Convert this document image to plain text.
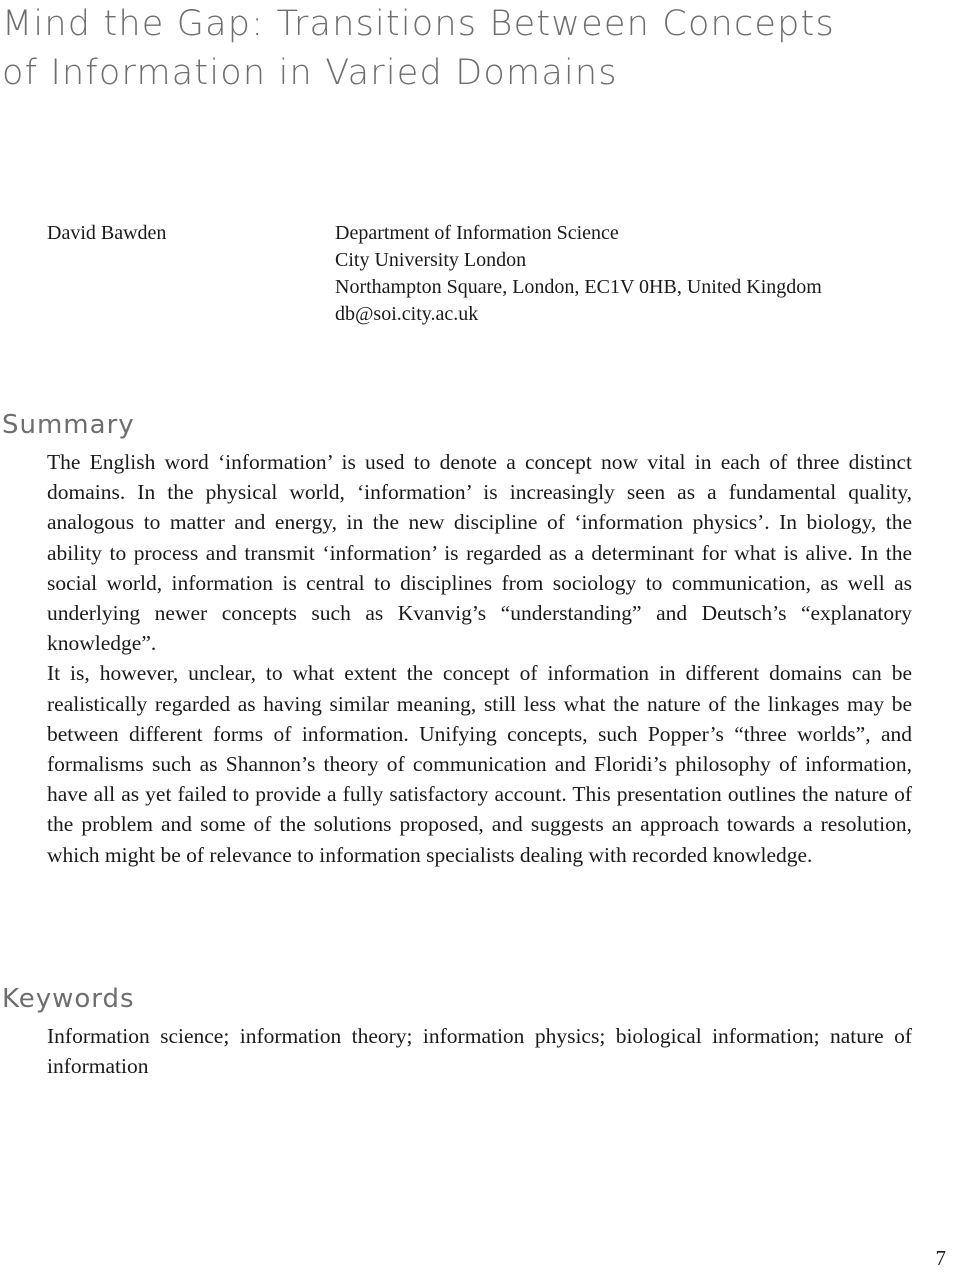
Mind the Gap: Transitions Between Concepts
of Information in Varied Domains
David Bawden	Department of Information Science
City University London
Northampton Square, London, EC1V 0HB, United Kingdom
db@soi.city.ac.uk
Summary

The English word ‘information’ is used to denote a concept now vital in each of three distinct domains. In the physical world, ‘information’ is increasingly seen as a fundamental quality, analogous to matter and energy, in the new discipline of ‘information physics’. In biology, the ability to process and transmit ‘information’ is regarded as a determinant for what is alive. In the social world, information is central to disciplines from sociology to communication, as well as underlying newer concepts such as Kvanvig’s “understanding” and Deutsch’s “explanatory knowledge”.

It is, however, unclear, to what extent the concept of information in different domains can be realistically regarded as having similar meaning, still less what the nature of the linkages may be between different forms of information. Unifying concepts, such Popper’s “three worlds”, and formalisms such as Shannon’s theory of communication and Floridi’s philosophy of information, have all as yet failed to provide a fully satisfactory account. This presentation outlines the nature of the problem and some of the solutions proposed, and suggests an approach towards a resolution, which might be of relevance to information specialists dealing with recorded knowledge.

Keywords

Information science; information theory; information physics; biological information; nature of information

7
